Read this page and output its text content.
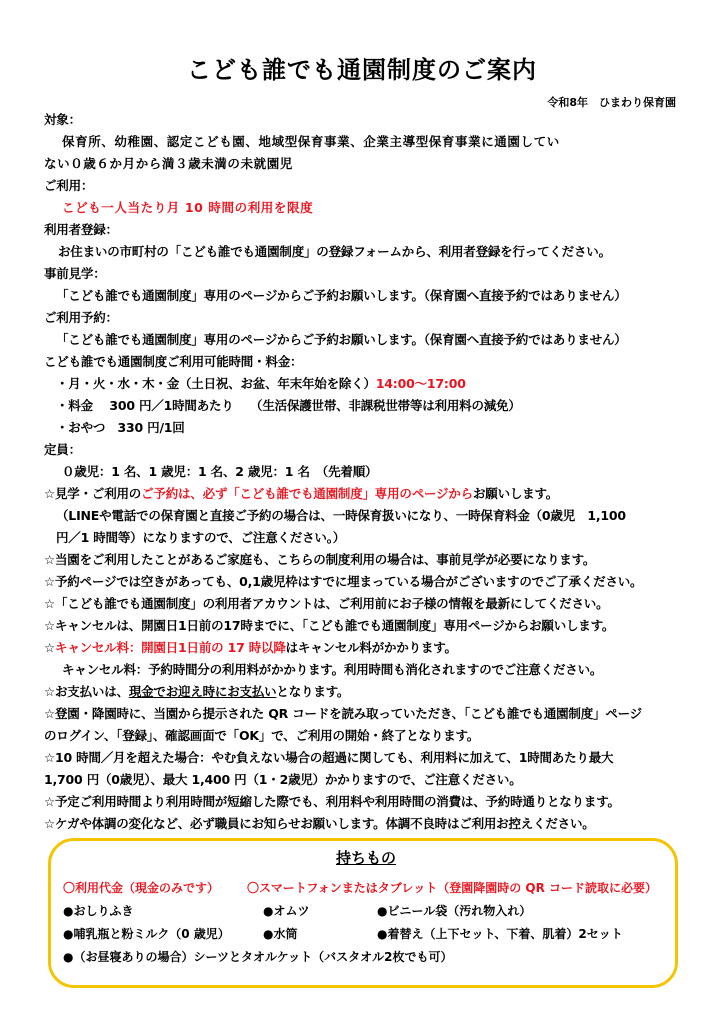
こども誰でも通園制度のご案内
令和8年　ひまわり保育園
対象：
保育所、幼稚園、認定こども園、地域型保育事業、企業主導型保育事業に通園してい
ない０歳６か月から満３歳未満の未就園児
ご利用：
こども一人当たり月 10 時間の利用を限度
利用者登録：
お住まいの市町村の「こども誰でも通園制度」の登録フォームから、利用者登録を行ってください。
事前見学：
「こども誰でも通園制度」専用のページからご予約お願いします。（保育園へ直接予約ではありません）
ご利用予約：
「こども誰でも通園制度」専用のページからご予約お願いします。（保育園へ直接予約ではありません）
こども誰でも通園制度ご利用可能時間・料金：
・月・火・水・木・金（土日祝、お盆、年末年始を除く）14:00～17:00
・料金　 300 円／1時間あたり　 （生活保護世帯、非課税世帯等は利用料の減免）
・おやつ　330 円/1回
定員：
０歳児：1 名、1 歳児：1 名、2 歳児：1 名　（先着順）
☆見学・ご利用のご予約は、必ず「こども誰でも通園制度」専用のページからお願いします。
（LINEや電話での保育園と直接ご予約の場合は、一時保育扱いになり、一時保育料金（0歳児　1,100
円／1 時間等）になりますので、ご注意ください。）
☆当園をご利用したことがあるご家庭も、こちらの制度利用の場合は、事前見学が必要になります。
☆予約ページでは空きがあっても、0,1歳児枠はすでに埋まっている場合がございますのでご了承ください。
☆「こども誰でも通園制度」の利用者アカウントは、ご利用前にお子様の情報を最新にしてください。
☆キャンセルは、開園日1日前の17時までに、「こども誰でも通園制度」専用ページからお願いします。
☆キャンセル料：開園日1日前の 17 時以降はキャンセル料がかかります。
キャンセル料：予約時間分の利用料がかかります。利用時間も消化されますのでご注意ください。
☆お支払いは、現金でお迎え時にお支払いとなります。
☆登園・降園時に、当園から提示された QR コードを読み取っていただき、「こども誰でも通園制度」ページ
のログイン、「登録」、確認画面で「OK」で、ご利用の開始・終了となります。
☆10 時間／月を超えた場合：やむ負えない場合の超過に関しても、利用料に加えて、1時間あたり最大
1,700 円（0歳児）、最大 1,400 円（1・2歳児）かかりますので、ご注意ください。
☆予定ご利用時間より利用時間が短縮した際でも、利用料や利用時間の消費は、予約時通りとなります。
☆ケガや体調の変化など、必ず職員にお知らせお願いします。体調不良時はご利用お控えください。
持ちもの
〇利用代金（現金のみです） 〇スマートフォンまたはタブレット（登園降園時の QR コード読取に必要）
●おしりふき	●オムツ	●ビニール袋（汚れ物入れ）
●哺乳瓶と粉ミルク（0 歳児）	●水筒	●着替え（上下セット、下着、肌着）2セット
●（お昼寝ありの場合）シーツとタオルケット（バスタオル2枚でも可）
